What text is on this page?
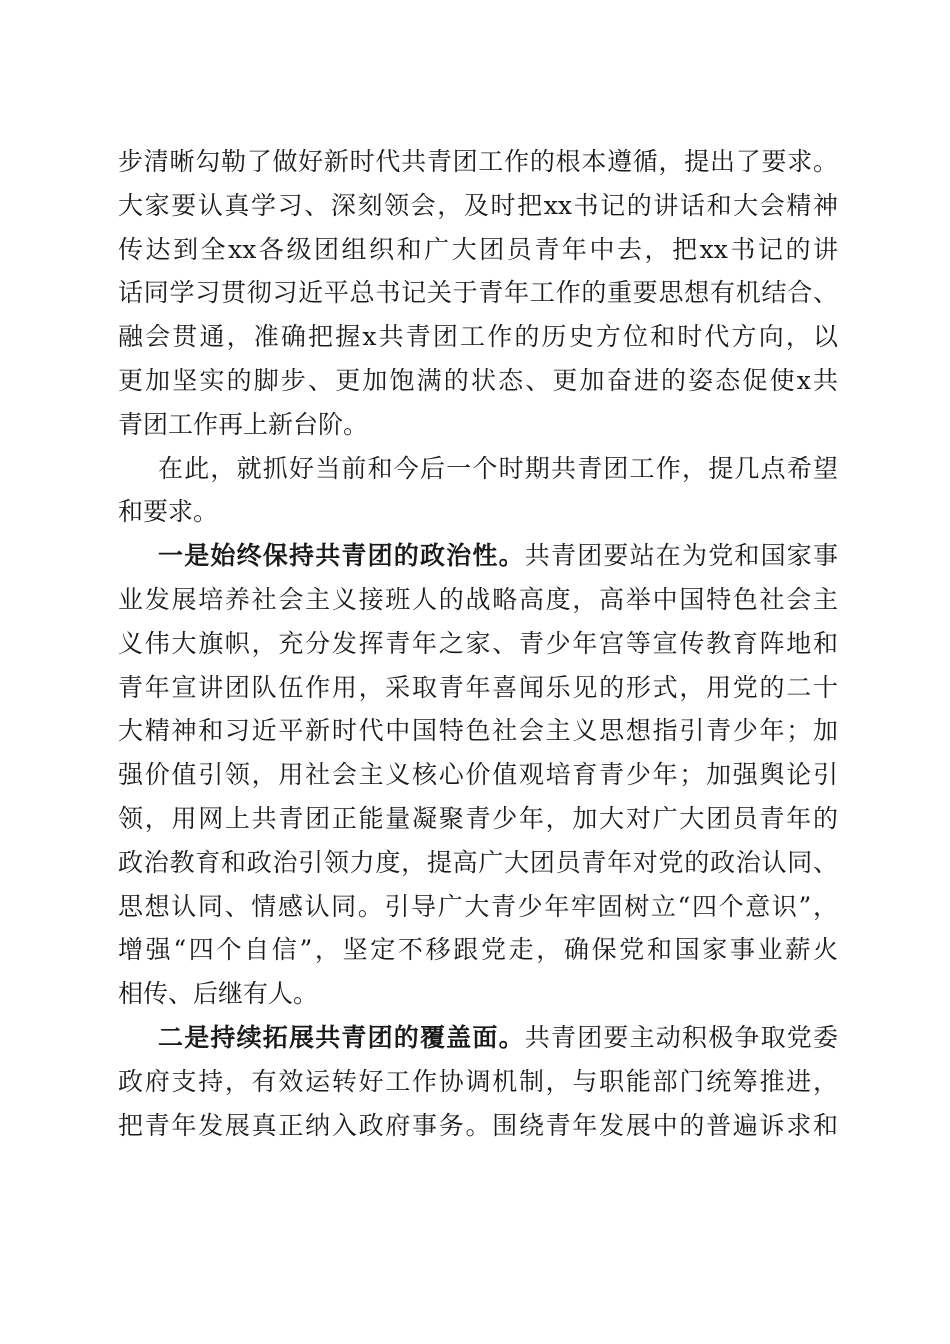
步清晰勾勒了做好新时代共青团工作的根本遵循，提出了要求。
大家要认真学习、深刻领会，及时把xx书记的讲话和大会精神
传达到全xx各级团组织和广大团员青年中去，把xx书记的讲
话同学习贯彻习近平总书记关于青年工作的重要思想有机结合、
融会贯通，准确把握x共青团工作的历史方位和时代方向，以
更加坚实的脚步、更加饱满的状态、更加奋进的姿态促使x共
青团工作再上新台阶。
在此，就抓好当前和今后一个时期共青团工作，提几点希望
和要求。
一是始终保持共青团的政治性。共青团要站在为党和国家事
业发展培养社会主义接班人的战略高度，高举中国特色社会主
义伟大旗帜，充分发挥青年之家、青少年宫等宣传教育阵地和
青年宣讲团队伍作用，采取青年喜闻乐见的形式，用党的二十
大精神和习近平新时代中国特色社会主义思想指引青少年；加
强价值引领，用社会主义核心价值观培育青少年；加强舆论引
领，用网上共青团正能量凝聚青少年，加大对广大团员青年的
政治教育和政治引领力度，提高广大团员青年对党的政治认同、
思想认同、情感认同。引导广大青少年牢固树立“四个意识”，
增强“四个自信”，坚定不移跟党走，确保党和国家事业薪火
相传、后继有人。
二是持续拓展共青团的覆盖面。共青团要主动积极争取党委
政府支持，有效运转好工作协调机制，与职能部门统筹推进，
把青年发展真正纳入政府事务。围绕青年发展中的普遍诉求和
